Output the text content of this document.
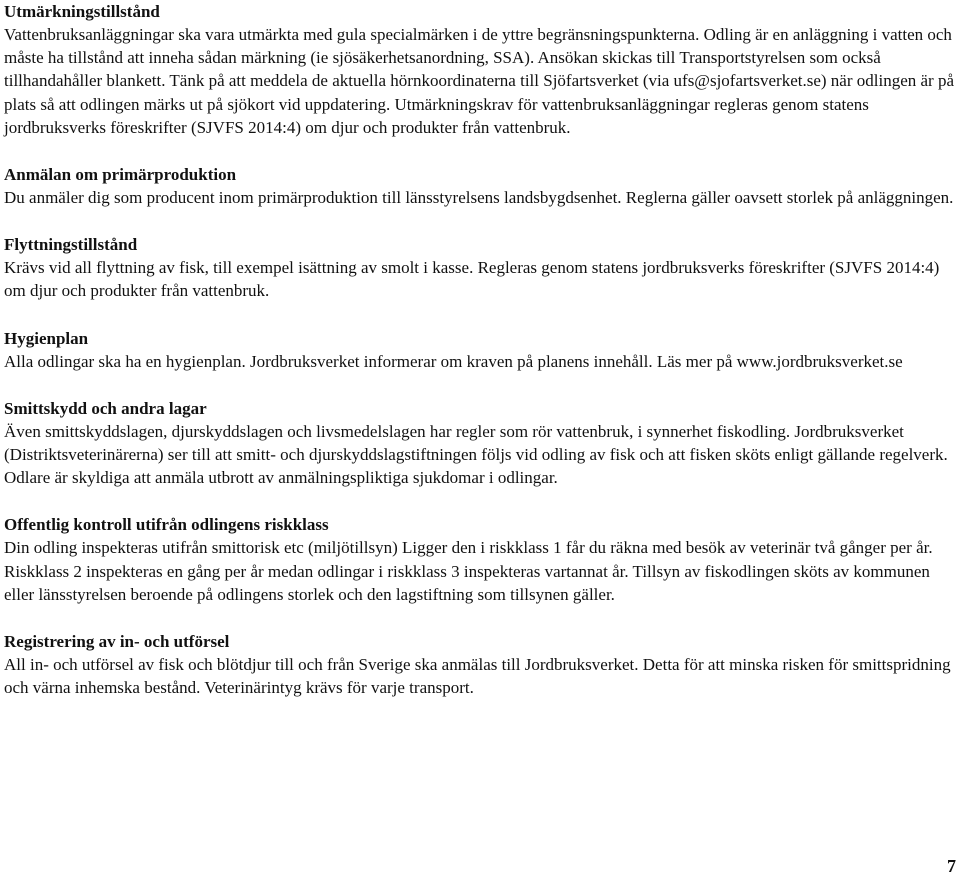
Utmärkningstillstånd

Vattenbruksanläggningar ska vara utmärkta med gula specialmärken i de yttre begränsningspunkterna. Odling är en anläggning i vatten och måste ha tillstånd att inneha sådan märkning (ie sjösäkerhetsanordning, SSA). Ansökan skickas till Transportstyrelsen som också tillhandahåller blankett. Tänk på att meddela de aktuella hörnkoordinaterna till Sjöfartsverket (via ufs@sjofartsverket.se) när odlingen är på plats så att odlingen märks ut på sjökort vid uppdatering. Utmärkningskrav för vattenbruksanläggningar regleras genom statens jordbruksverks föreskrifter (SJVFS 2014:4) om djur och produkter från vattenbruk.

Anmälan om primärproduktion

Du anmäler dig som producent inom primärproduktion till länsstyrelsens landsbygdsenhet. Reglerna gäller oavsett storlek på anläggningen.

Flyttningstillstånd

Krävs vid all flyttning av fisk, till exempel isättning av smolt i kasse. Regleras genom statens jordbruksverks föreskrifter (SJVFS 2014:4) om djur och produkter från vattenbruk.

Hygienplan

Alla odlingar ska ha en hygienplan. Jordbruksverket informerar om kraven på planens innehåll. Läs mer på www.jordbruksverket.se

Smittskydd och andra lagar

Även smittskyddslagen, djurskyddslagen och livsmedelslagen har regler som rör vattenbruk, i synnerhet fiskodling. Jordbruksverket (Distriktsveterinärerna) ser till att smitt- och djurskyddslagstiftningen följs vid odling av fisk och att fisken sköts enligt gällande regelverk. Odlare är skyldiga att anmäla utbrott av anmälningspliktiga sjukdomar i odlingar.

Offentlig kontroll utifrån odlingens riskklass

Din odling inspekteras utifrån smittorisk etc (miljötillsyn) Ligger den i riskklass 1 får du räkna med besök av veterinär två gånger per år. Riskklass 2 inspekteras en gång per år medan odlingar i riskklass 3 inspekteras vartannat år. Tillsyn av fiskodlingen sköts av kommunen eller länsstyrelsen beroende på odlingens storlek och den lagstiftning som tillsynen gäller.

Registrering av in- och utförsel

All in- och utförsel av fisk och blötdjur till och från Sverige ska anmälas till Jordbruksverket. Detta för att minska risken för smittspridning och värna inhemska bestånd. Veterinärintyg krävs för varje transport.

7
